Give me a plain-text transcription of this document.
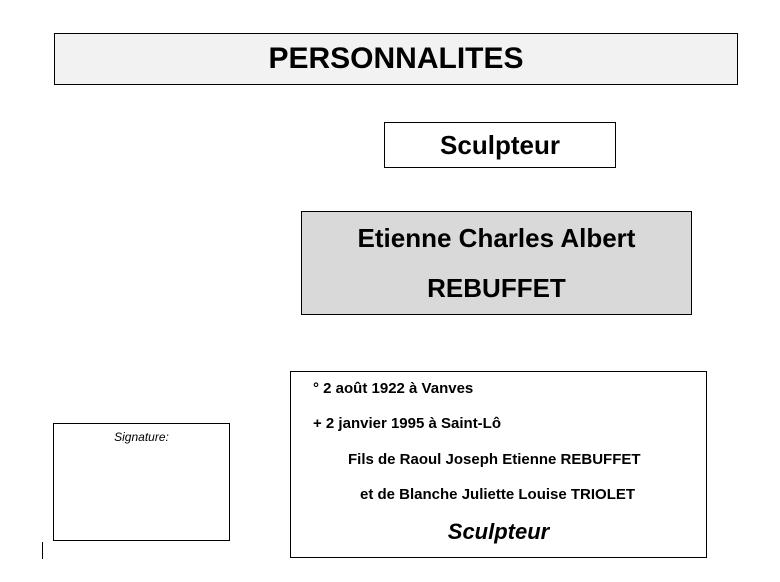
PERSONNALITES
Sculpteur
Etienne Charles Albert
REBUFFET
Signature:
° 2 août 1922 à Vanves
+ 2 janvier 1995 à Saint-Lô
Fils de Raoul Joseph Etienne REBUFFET
et de Blanche Juliette Louise TRIOLET
Sculpteur
